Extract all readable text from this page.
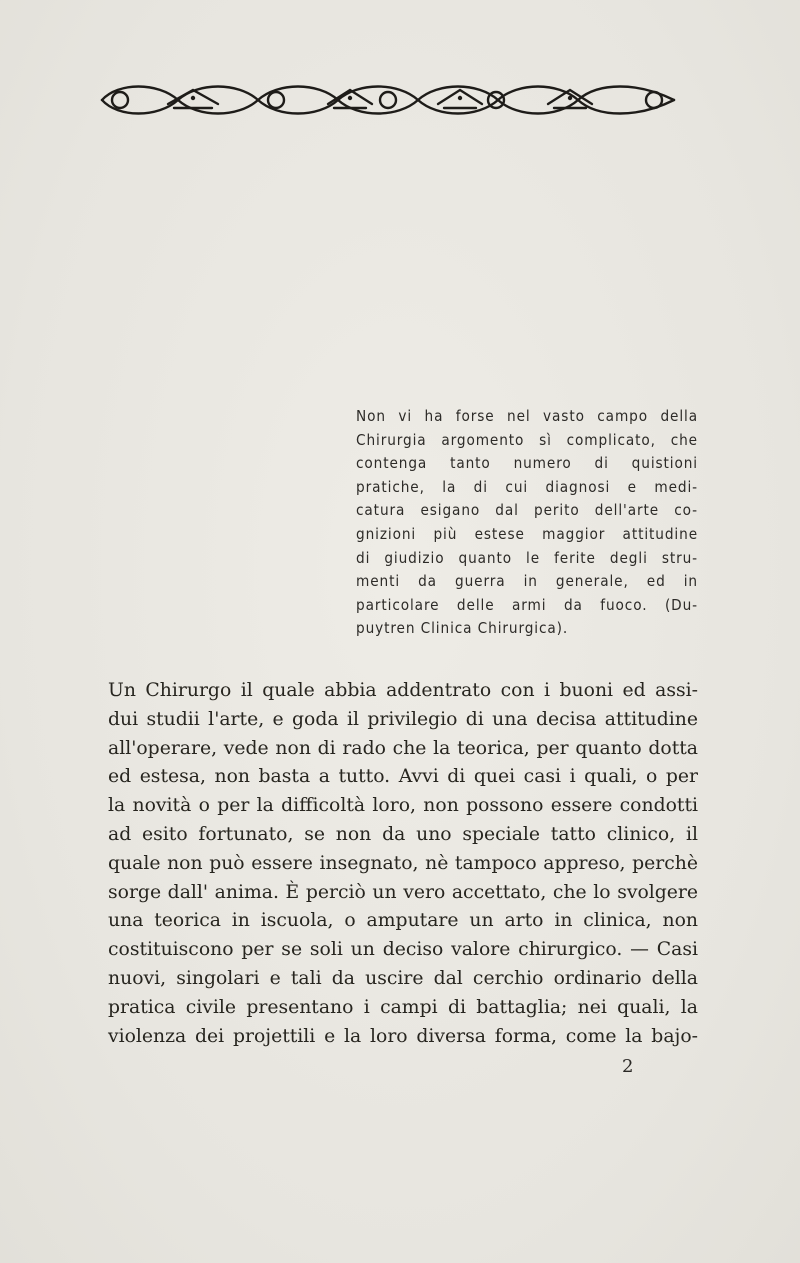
Non vi ha forse nel vasto campo della
Chirurgia argomento sì complicato, che
contenga tanto numero di quistioni
pratiche, la di cui diagnosi e medi-
catura esigano dal perito dell'arte co-
gnizioni più estese maggior attitudine
di giudizio quanto le ferite degli stru-
menti da guerra in generale, ed in
particolare delle armi da fuoco. (Du-
puytren Clinica Chirurgica).

Un Chirurgo il quale abbia addentrato con i buoni ed assi-
dui studii l'arte, e goda il privilegio di una decisa attitudine
all'operare, vede non di rado che la teorica, per quanto dotta
ed estesa, non basta a tutto. Avvi di quei casi i quali, o per
la novità o per la difficoltà loro, non possono essere condotti
ad esito fortunato, se non da uno speciale tatto clinico, il
quale non può essere insegnato, nè tampoco appreso, perchè
sorge dall' anima. È perciò un vero accettato, che lo svolgere
una teorica in iscuola, o amputare un arto in clinica, non
costituiscono per se soli un deciso valore chirurgico. — Casi
nuovi, singolari e tali da uscire dal cerchio ordinario della
pratica civile presentano i campi di battaglia; nei quali, la
violenza dei projettili e la loro diversa forma, come la bajo-

2
